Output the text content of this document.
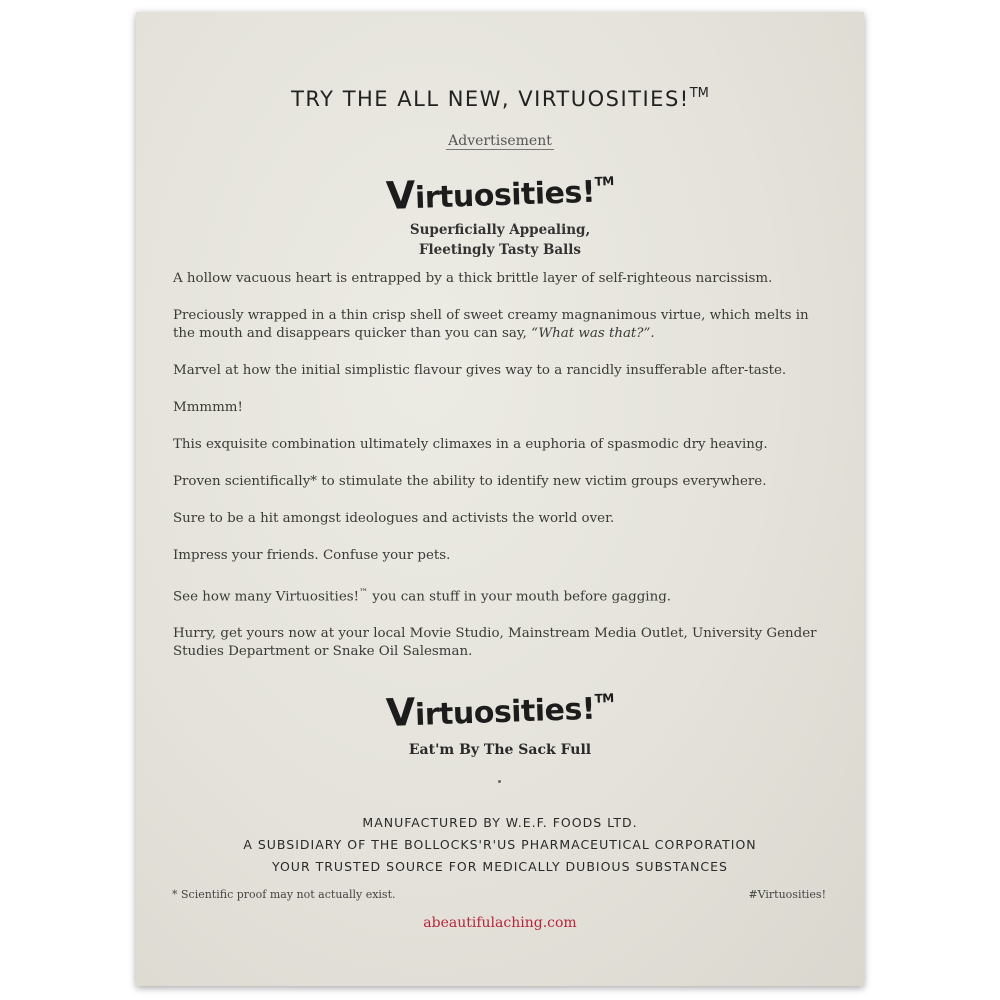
TRY THE ALL NEW, VIRTUOSITIES!™
Advertisement
Virtuosities!™
Superficially Appealing,
Fleetingly Tasty Balls

A hollow vacuous heart is entrapped by a thick brittle layer of self-righteous narcissism.

Preciously wrapped in a thin crisp shell of sweet creamy magnanimous virtue, which melts in the mouth and disappears quicker than you can say, “What was that?”.

Marvel at how the initial simplistic flavour gives way to a rancidly insufferable after-taste.

Mmmmm!

This exquisite combination ultimately climaxes in a euphoria of spasmodic dry heaving.

Proven scientifically* to stimulate the ability to identify new victim groups everywhere.

Sure to be a hit amongst ideologues and activists the world over.

Impress your friends. Confuse your pets.

See how many Virtuosities!™ you can stuff in your mouth before gagging.

Hurry, get yours now at your local Movie Studio, Mainstream Media Outlet, University Gender Studies Department or Snake Oil Salesman.

Virtuosities!™
Eat'm By The Sack Full
MANUFACTURED BY W.E.F. FOODS LTD.
A SUBSIDIARY OF THE BOLLOCKS'R'US PHARMACEUTICAL CORPORATION
YOUR TRUSTED SOURCE FOR MEDICALLY DUBIOUS SUBSTANCES
* Scientific proof may not actually exist.	#Virtuosities!
abeautifulaching.com
